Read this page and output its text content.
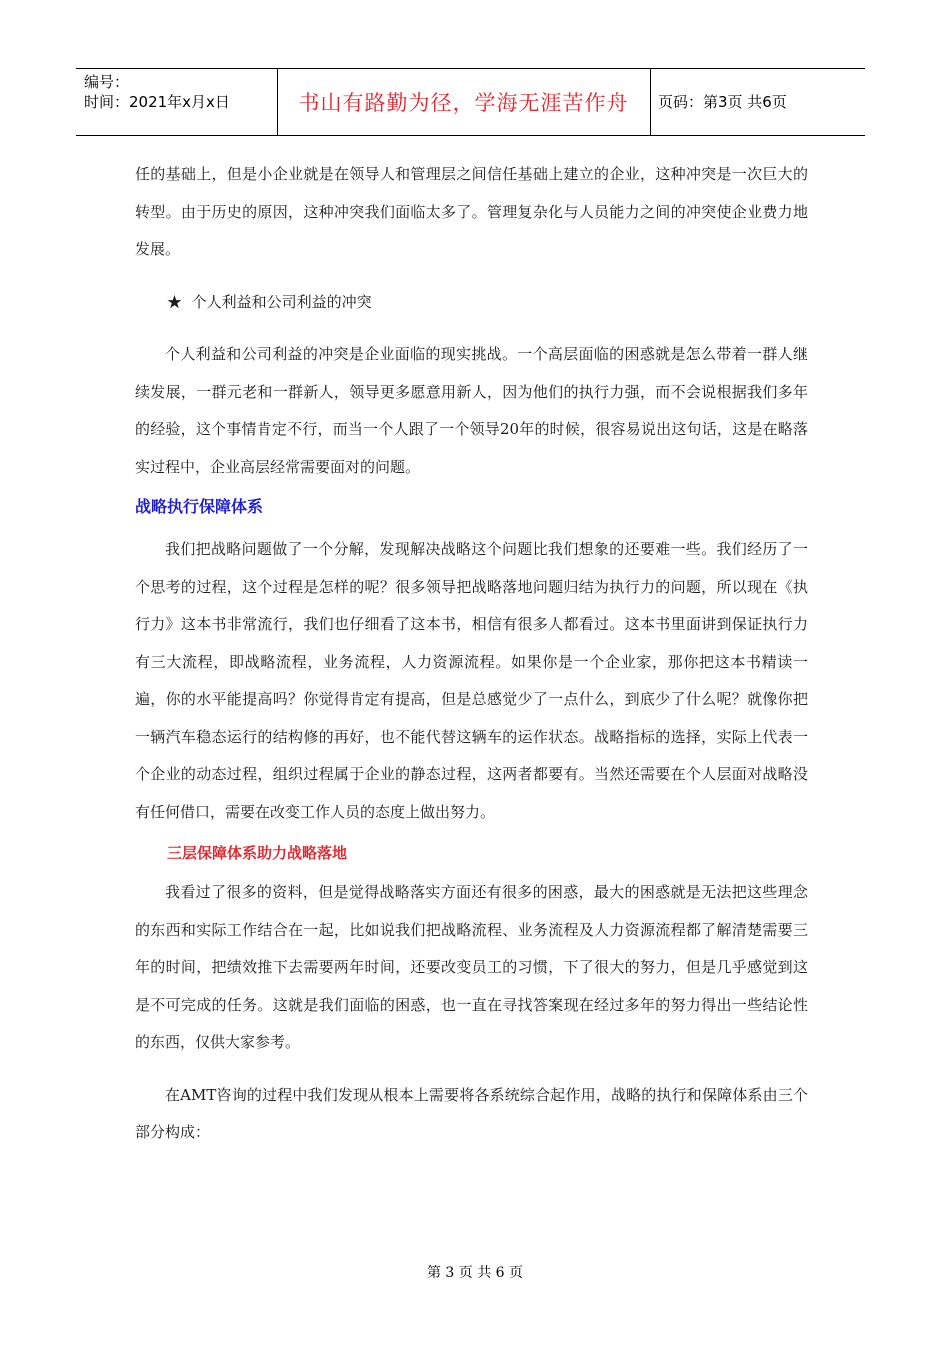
编号：
时间：2021年x月x日	书山有路勤为径，学海无涯苦作舟	页码：第3页 共6页

任的基础上，但是小企业就是在领导人和管理层之间信任基础上建立的企业，这种冲突是一次巨大的转型。由于历史的原因，这种冲突我们面临太多了。管理复杂化与人员能力之间的冲突使企业费力地发展。

★ 个人利益和公司利益的冲突

个人利益和公司利益的冲突是企业面临的现实挑战。一个高层面临的困惑就是怎么带着一群人继续发展，一群元老和一群新人，领导更多愿意用新人，因为他们的执行力强，而不会说根据我们多年的经验，这个事情肯定不行，而当一个人跟了一个领导20年的时候，很容易说出这句话，这是在略落实过程中，企业高层经常需要面对的问题。

战略执行保障体系

我们把战略问题做了一个分解，发现解决战略这个问题比我们想象的还要难一些。我们经历了一个思考的过程，这个过程是怎样的呢？很多领导把战略落地问题归结为执行力的问题，所以现在《执行力》这本书非常流行，我们也仔细看了这本书，相信有很多人都看过。这本书里面讲到保证执行力有三大流程，即战略流程，业务流程，人力资源流程。如果你是一个企业家，那你把这本书精读一遍，你的水平能提高吗？你觉得肯定有提高，但是总感觉少了一点什么，到底少了什么呢？就像你把一辆汽车稳态运行的结构修的再好，也不能代替这辆车的运作状态。战略指标的选择，实际上代表一个企业的动态过程，组织过程属于企业的静态过程，这两者都要有。当然还需要在个人层面对战略没有任何借口，需要在改变工作人员的态度上做出努力。

三层保障体系助力战略落地

我看过了很多的资料，但是觉得战略落实方面还有很多的困惑，最大的困惑就是无法把这些理念的东西和实际工作结合在一起，比如说我们把战略流程、业务流程及人力资源流程都了解清楚需要三年的时间，把绩效推下去需要两年时间，还要改变员工的习惯，下了很大的努力，但是几乎感觉到这是不可完成的任务。这就是我们面临的困惑，也一直在寻找答案现在经过多年的努力得出一些结论性的东西，仅供大家参考。

在AMT咨询的过程中我们发现从根本上需要将各系统综合起作用，战略的执行和保障体系由三个部分构成：

第 3 页 共 6 页
